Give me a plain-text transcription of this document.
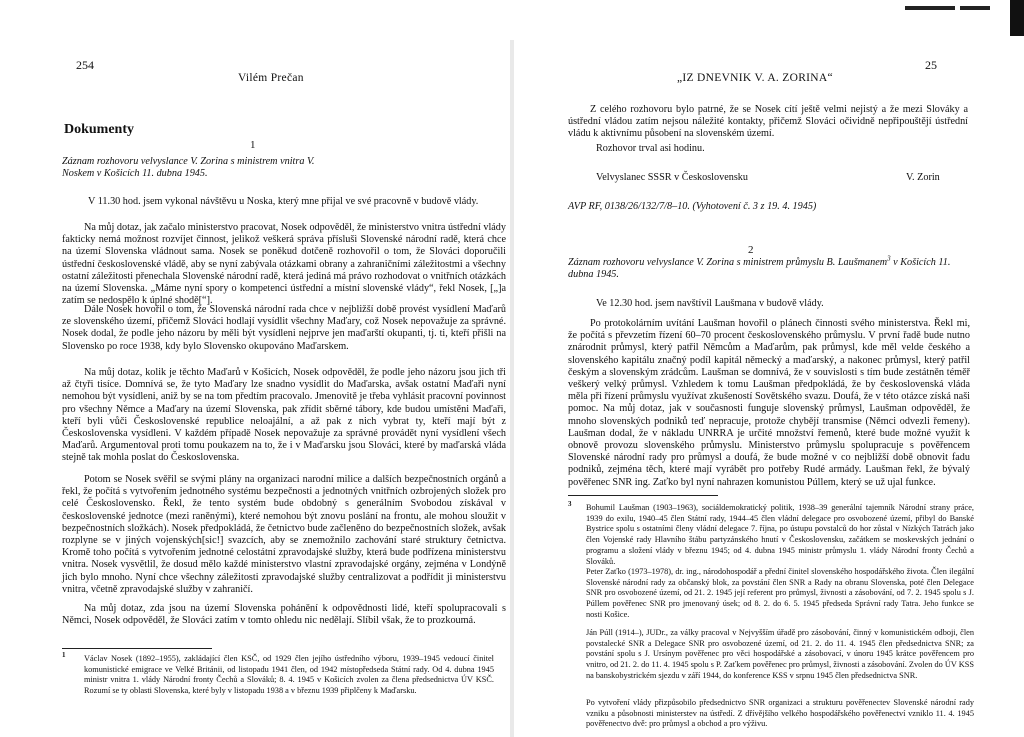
254
Vilém Prečan
Dokumenty
1
Záznam rozhovoru velvyslance V. Zorina s ministrem vnitra V. Noskem v Košicích 11. dubna 1945.
V 11.30 hod. jsem vykonal návštěvu u Noska, který mne přijal ve své pracovně v budově vlády.
Na můj dotaz, jak začalo ministerstvo pracovat, Nosek odpověděl, že ministerstvo vnitra ústřední vlády fakticky nemá možnost rozvíjet činnost, jelikož veškerá správa příslušì Slovenské národní radě, která chce na území Slovenska vládnout sama. Nosek se poněkud dotčeně rozhovořil o tom, že Slováci doporučili ústřední československé vládě, aby se nyní zabývala otázkami obrany a zahraničními záležitostmi a všechny ostatní záležitosti přenechala Slovenské národní radě, která jediná má právo rozhodovat o vnitřních otázkách na území Slovenska. „Máme nyní spory o kompetenci ústřední a místní slovenské vlády“, řekl Nosek, [„]a zatím se nedospělo k úplné shodě[“].
Dále Nosek hovořil o tom, že Slovenská národní rada chce v nejbližší době provést vysídlení Maďarů ze slovenského území, přičemž Slováci hodlají vysídlit všechny Maďary, což Nosek nepovažuje za správné. Nosek dodal, že podle jeho názoru by měli být vysídleni nejprve jen maďarští okupanti, tj. ti, kteří přišli na Slovensko po roce 1938, kdy bylo Slovensko okupováno Maďarskem.
Na můj dotaz, kolik je těchto Maďarů v Košicích, Nosek odpověděl, že podle jeho názoru jsou jich tři až čtyři tisíce. Domnívá se, že tyto Maďary lze snadno vysídlit do Maďarska, avšak ostatní Maďaři nyní nemohou být vysídleni, aniž by se na tom předtím pracovalo. Jmenovitě je třeba vyhlásit pracovní povinnost pro všechny Němce a Maďary na území Slovenska, pak zřídit sběrné tábory, kde budou umístěni Maďaři, kteří byli vůči Československé republice neloajální, a až pak z nich vybrat ty, kteří mají být z Československa vysídleni. V každém případě Nosek nepovažuje za správné provádět nyní vysídlení všech Maďarů. Argumentoval proti tomu poukazem na to, že i v Maďarsku jsou Slováci, které by maďarská vláda stejně tak mohla poslat do Československa.
Potom se Nosek svěřil se svými plány na organizaci narodní milice a dalších bezpečnostních orgánů a řekl, že počítá s vytvořením jednotného systému bezpečnosti a jednotných vnitřních ozbrojených složek pro celé Československo. Řekl, že tento systém bude obdobný s generálním Svobodou získával v československé jednotce (mezi raněnými), které nemohou být znovu poslání na frontu, ale mohou sloužit v bezpečnostních složkách). Nosek předpokládá, že četnictvo bude začleněno do bezpečnostních složek, avšak rozplyne se v jiných vojenských[sic!] svazcích, aby se znemožnilo zachování staré struktury četnictva. Kromě toho počítá s vytvořením jednotné celostátní zpravodajské služby, která bude podřízena ministerstvu vnitra. Nosek vysvětlil, že dosud mělo každé ministerstvo vlastní zpravodajské orgány, zejména v Londýně jich bylo mnoho. Nyní chce všechny záležitosti zpravodajské služby centralizovat a podřídit ji ministerstvu vnitra, včetně zpravodajské služby v zahraničí.
Na můj dotaz, zda jsou na území Slovenska pohánění k odpovědnosti lidé, kteří spolupracovali s Němci, Nosek odpověděl, že Slováci zatím v tomto ohledu nic nedělají. Slíbil však, že to prozkoumá.
1 Václav Nosek (1892–1955), zakládající člen KSČ, od 1929 člen jejího ústředního výboru, 1939–1945 vedoucí činitel komunistické emigrace ve Velké Británii, od listopadu 1941 člen, od 1942 místopředseda Státní rady. Od 4. dubna 1945 ministr vnitra 1. vlády Národní fronty Čechů a Slováků; 8. 4. 1945 v Košicích zvolen za člena předsednictva ÚV KSČ. Rozumí se ty oblasti Slovenska, které byly v listopadu 1938 a v březnu 1939 připlčeny k Maďarsku.
25
„IZ DNEVNIK V. A. ZORINA“
Z celého rozhovoru bylo patrné, že se Nosek cítí ještě velmi nejistý a že mezi Slováky a ústřední vládou zatím nejsou náležité kontakty, přičemž Slováci očividně nepřipouštějí ústřední vládu k aktivnímu působení na slovenském území.
Rozhovor trval asi hodinu.
Velvyslanec SSSR v Československu	V. Zorin
AVP RF, 0138/26/132/7/8–10. (Vyhotovení č. 3 z 19. 4. 1945)
2
Záznam rozhovoru velvyslance V. Zorina s ministrem průmyslu B. Laušmanem$^3$ v Košicích 11. dubna 1945.
Ve 12.30 hod. jsem navštívil Laušmana v budově vlády.
Po protokolárním uvítání Laušman hovořil o plánech činnosti svého ministerstva. Řekl mi, že počítá s převzetím řízení 60–70 procent československého průmyslu. V první řadě bude nutno znárodnit průmysl, který patřil Němcům a Maďarům, pak průmysl, kde měl velde českého a slovenského kapitálu značný podíl kapitál německý a maďarský, a nakonec průmysl, který patřil českým a slovenským zrádcům. Laušman se domnívá, že v souvislosti s tím bude zestátněn téměř veškerý velký průmysl. Vzhledem k tomu Laušman předpokládá, že by československá vláda měla při řízení průmyslu využívat zkušeností Sovětského svazu. Doufá, že v této otázce získá naši pomoc. Na můj dotaz, jak v současnosti funguje slovenský průmysl, Laušman odpověděl, že mnoho slovenských podniků teď nepracuje, protože chybějí transmise (Němci odvezli řemeny). Laušman dodal, že v nákladu UNRRA je určité množství řemenů, které bude možné využít k obnově provozu slovenského průmyslu. Ministerstvo průmyslu spolupracuje s pověřencem Slovenské národní rady pro průmysl a doufá, že bude možné v co nejbližší době obnovit fadu podniků, zejména těch, které mají vyrábět pro potřeby Rudé armády. Laušman řekl, že bývalý pověřenec SNR ing. Zaťko byl nyní nahrazen komunistou Púllem, který se už ujal funkce.
3 Bohumil Laušman (1903–1963), sociáldemokratický politik, 1938–39 generální tajemník Národní strany práce, 1939 do exilu, 1940–45 člen Státní rady, 1944–45 člen vládní delegace pro osvobozené území, přibyl do Banské Bystrice spolu s ostatními členy vládní delegace 7. října, po ústupu povstalců do hor zůstal v Nízkých Tatrách jako člen Vojenské rady Hlavního štábu partyzánského hnutí v Československu, začátkem se moskevských jednání o programu a složení vlády v březnu 1945; od 4. dubna 1945 ministr průmyslu 1. vlády Národní fronty Čechů a Slováků.
Peter Zaťko (1973–1978), dr. ing., národohospodář a přední činitel slovenského hospodářského života. Člen ilegální Slovenské národní rady za občanský blok, za povstání člen SNR a Rady na obranu Slovenska, poté člen Delegace SNR pro osvobozené území, od 21. 2. 1945 její referent pro průmysl, živnosti a zásobování, od 7. 2. 1945 spolu s J. Púllem pověřenec SNR pro jmenovaný úsek; od 8. 2. do 6. 5. 1945 předseda Správní rady Tatra. Jeho funkce se nosti Košice.
Ján Púll (1914–), JUDr., za války pracoval v Nejvyšším úřadě pro zásobování, činný v komunistickém odboji, člen povstalecké SNR a Delegace SNR pro osvobozené území, od 21. 2. do 11. 4. 1945 člen předsednictva SNR; za povstání spolu s J. Ursínym pověřenec pro věci hospodářské a zásobovací, v únoru 1945 krátce pověřencem pro vnitro, od 21. 2. do 11. 4. 1945 spolu s P. Zaťkem pověřenec pro průmysl, živnosti a zásobování. Zvolen do ÚV KSS na banskobystrickém sjezdu v září 1944, do konference KSS v srpnu 1945 člen předsednictva SNR.
Po vytvoření vlády přizpůsobilo předsednictvo SNR organizaci a strukturu pověřenectev Slovenské národní rady vzniku a působnosti ministerstev na ústředí. Z dřívějšího velkého hospodářského pověřenectví vzniklo 11. 4. 1945 pověřenectvo dvě: pro průmysl a obchod a pro výživu.
